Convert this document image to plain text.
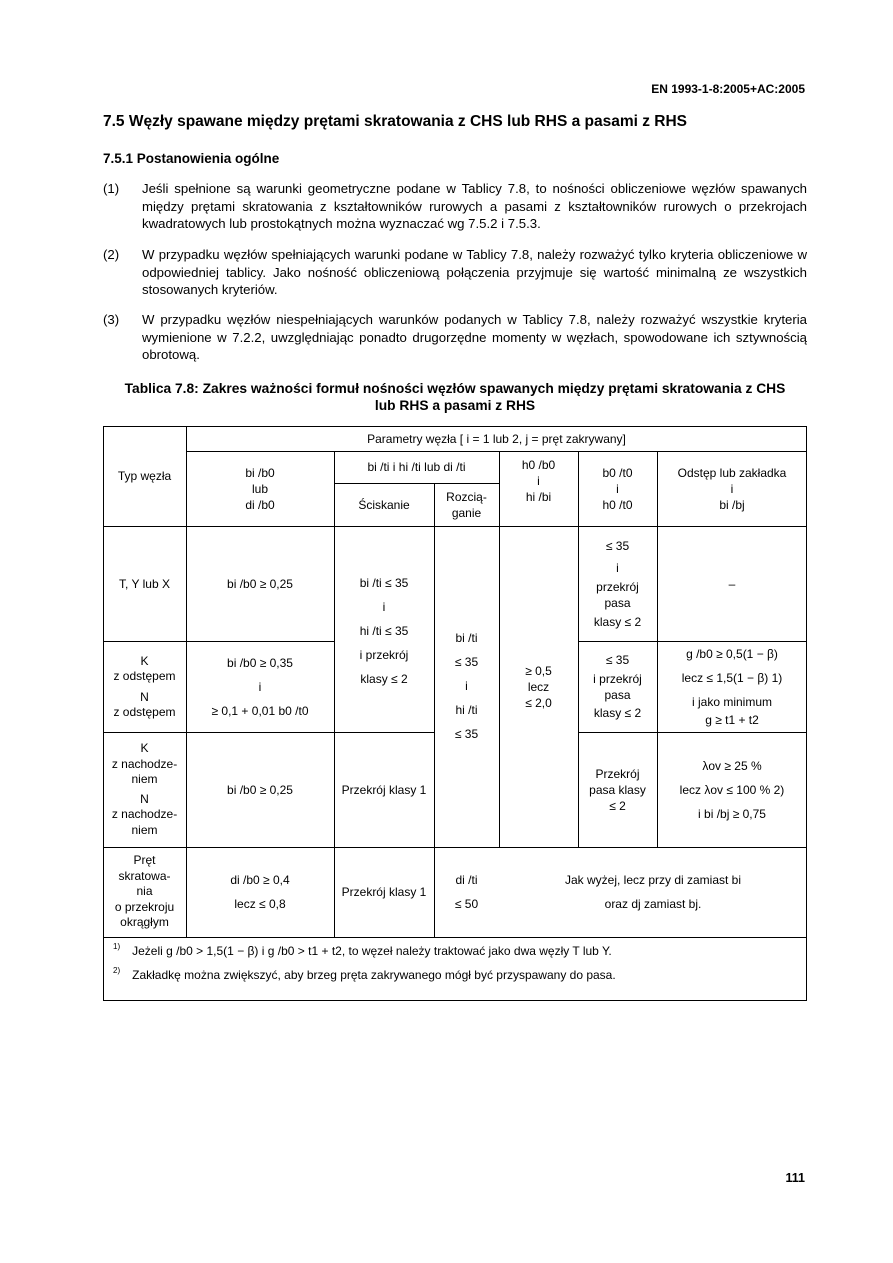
EN 1993-1-8:2005+AC:2005
7.5 Węzły spawane między prętami skratowania z CHS lub RHS a pasami z RHS
7.5.1 Postanowienia ogólne
(1) Jeśli spełnione są warunki geometryczne podane w Tablicy 7.8, to nośności obliczeniowe węzłów spawanych między prętami skratowania z kształtowników rurowych a pasami z kształtowników rurowych o przekrojach kwadratowych lub prostokątnych można wyznaczać wg 7.5.2 i 7.5.3.
(2) W przypadku węzłów spełniających warunki podane w Tablicy 7.8, należy rozważyć tylko kryteria obliczeniowe w odpowiedniej tablicy. Jako nośność obliczeniową połączenia przyjmuje się wartość minimalną ze wszystkich stosowanych kryteriów.
(3) W przypadku węzłów niespełniających warunków podanych w Tablicy 7.8, należy rozważyć wszystkie kryteria wymienione w 7.2.2, uwzględniając ponadto drugorzędne momenty w węzłach, spowodowane ich sztywnością obrotową.
Tablica 7.8: Zakres ważności formuł nośności węzłów spawanych między prętami skratowania z CHS
lub RHS a pasami z RHS
Typ węzła
Parametry węzła [ i = 1 lub 2, j = pręt zakrywany]
bi /b0
lub
di /b0
bi /ti i hi /ti lub di /ti
Ściskanie
Rozcią-
ganie
h0 /b0
i
hi /bi
b0 /t0
i
h0 /t0
Odstęp lub zakładka
i
bi /bj
T, Y lub X	bi /b0 ≥ 0,25
≤ 35
i
przekrój
pasa
klasy ≤ 2
–
bi /ti ≤ 35
i
hi /ti ≤ 35
i przekrój
klasy ≤ 2
bi /ti
≤ 35
i
hi /ti
≤ 35
≥ 0,5
lecz
≤ 2,0
K
z odstępem
N
z odstępem
bi /b0 ≥ 0,35
i
≥ 0,1 + 0,01 b0 /t0
≤ 35
i przekrój
pasa
klasy ≤ 2
g /b0 ≥ 0,5(1 − β)
lecz ≤ 1,5(1 − β) 1)
i jako minimum
g ≥ t1 + t2
K
z nachodze-
niem
N
z nachodze-
niem
bi /b0 ≥ 0,25	Przekrój klasy 1
Przekrój
pasa klasy
≤ 2
λov ≥ 25 %
lecz λov ≤ 100 % 2)
i bi /bj ≥ 0,75
Pręt
skratowa-
nia
o przekroju
okrągłym
di /b0 ≥ 0,4
lecz ≤ 0,8
Przekrój klasy 1
di /ti
≤ 50
Jak wyżej, lecz przy di zamiast bi
oraz dj zamiast bj.
$^{1)}$ Jeżeli g /b0 > 1,5(1 − β) i g /b0 > t1 + t2, to węzeł należy traktować jako dwa węzły T lub Y.
$^{2)}$ Zakładkę można zwiększyć, aby brzeg pręta zakrywanego mógł być przyspawany do pasa.
111
